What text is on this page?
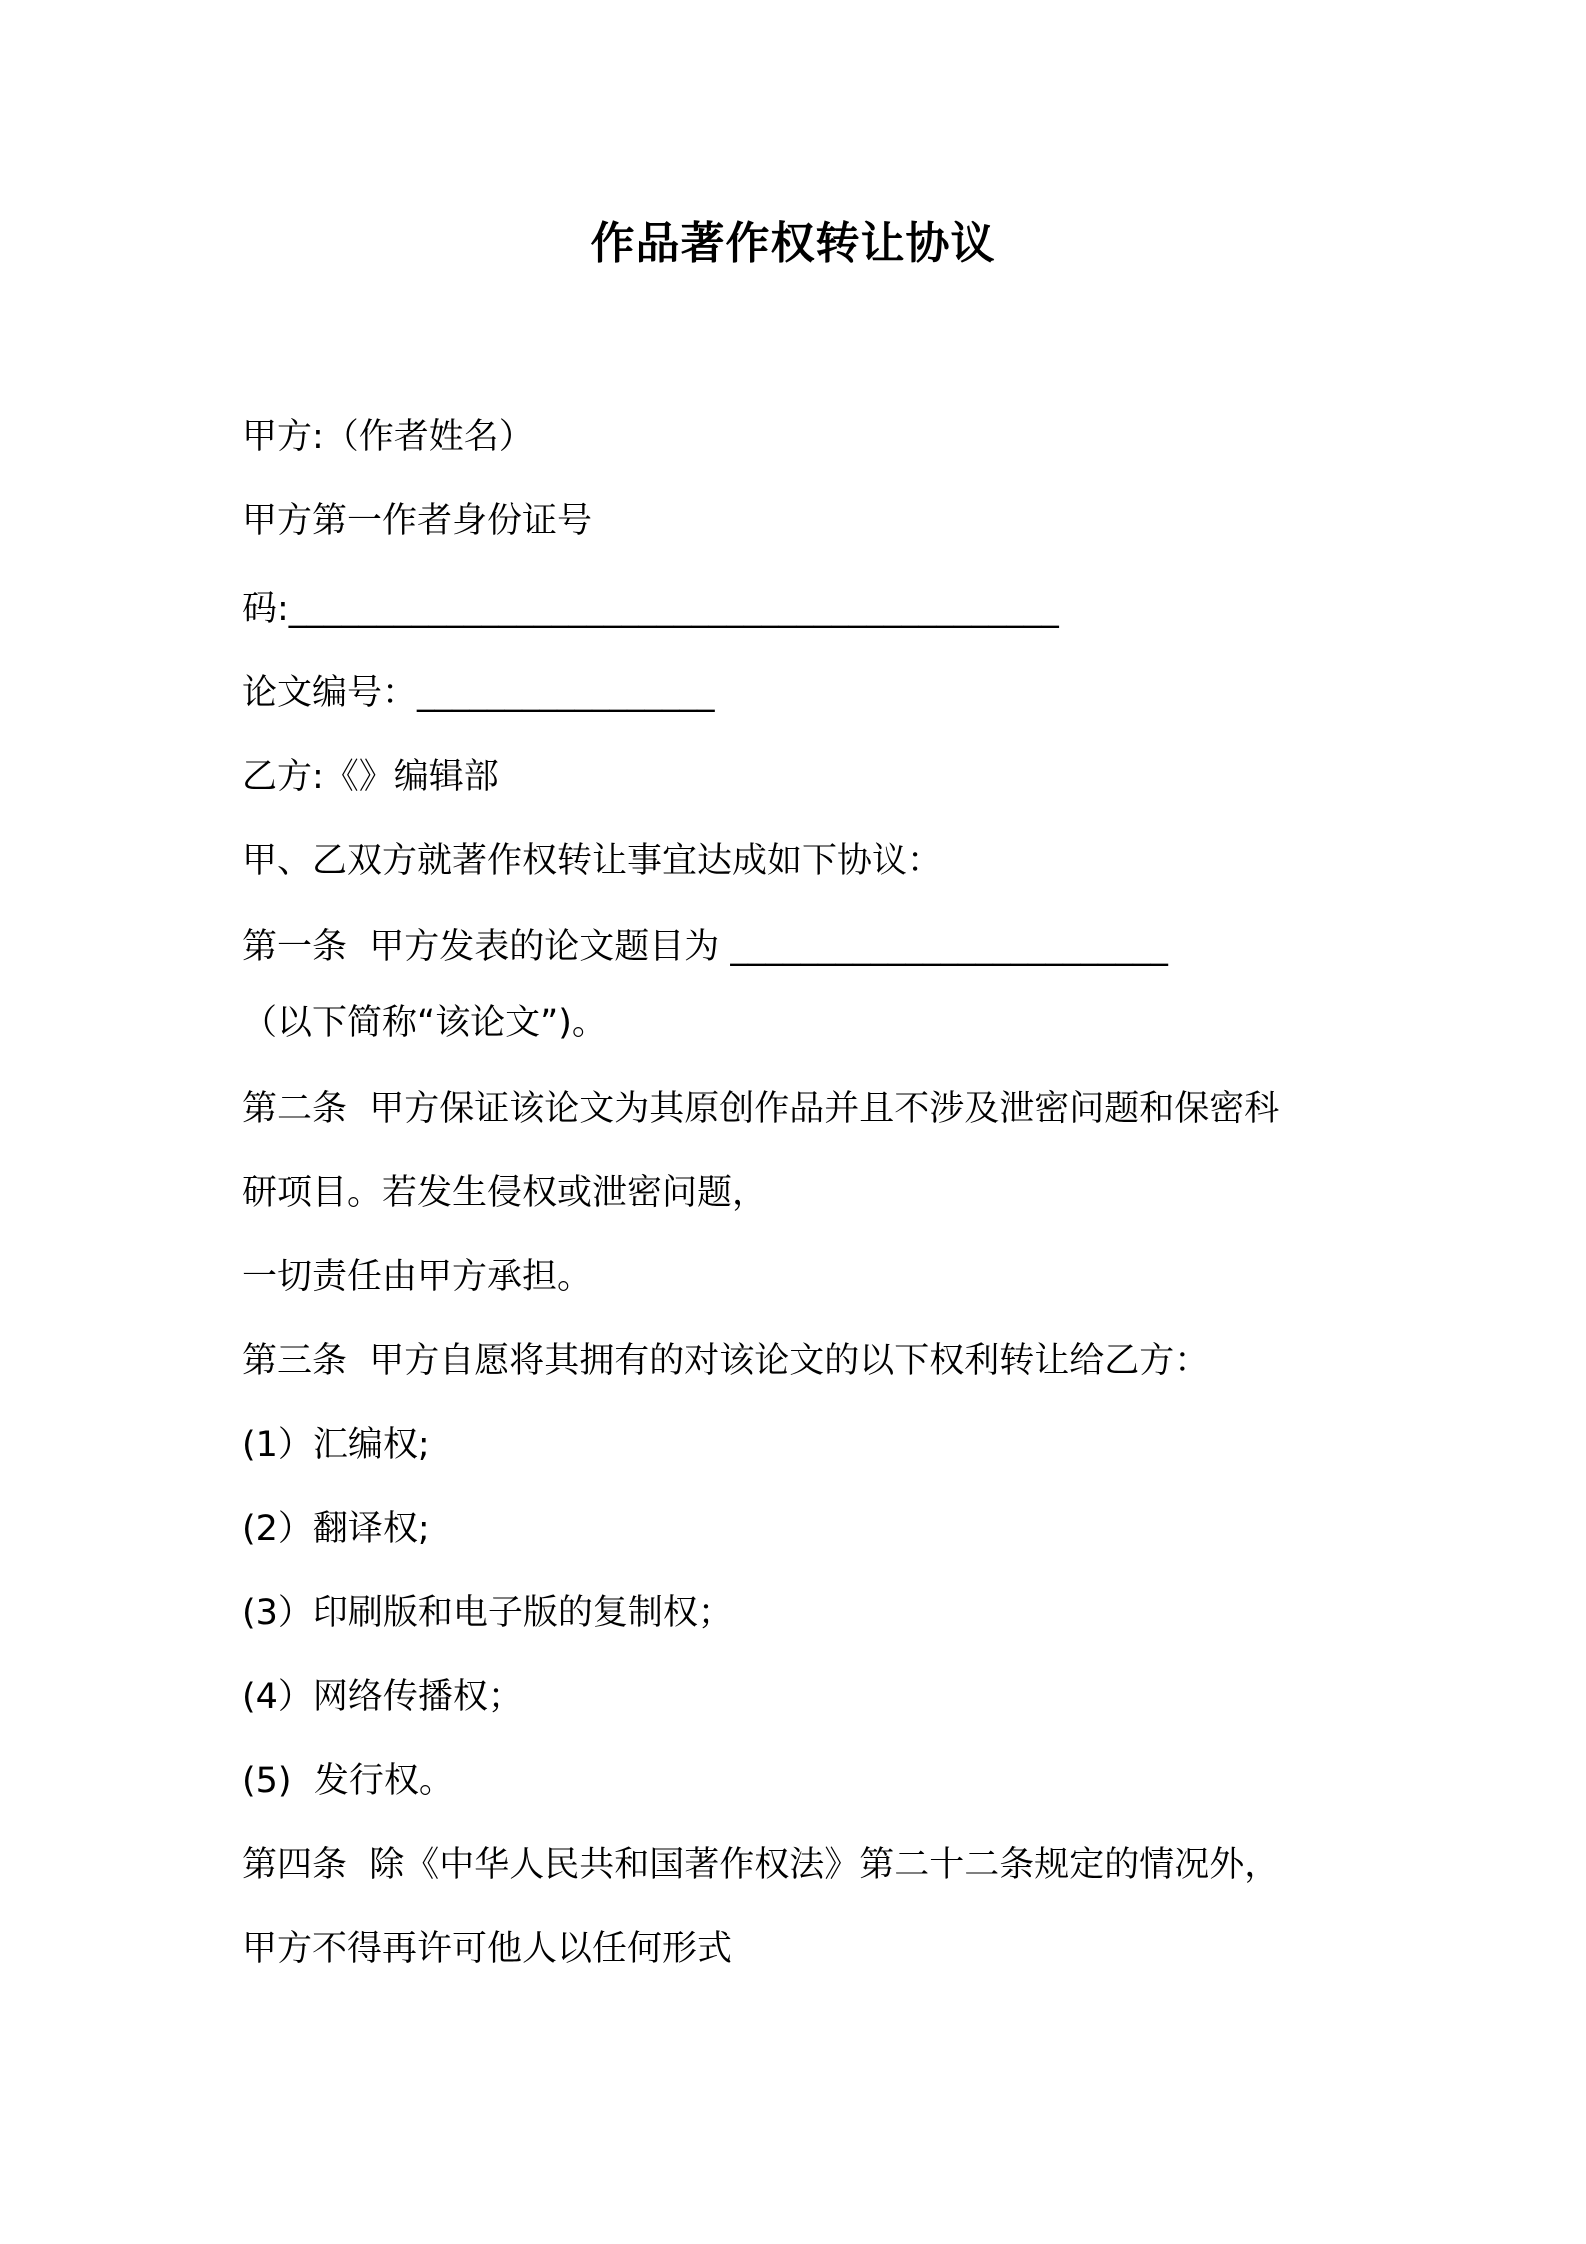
作品著作权转让协议
甲方:（作者姓名）
甲方第一作者身份证号
码:____________________________________________
论文编号：_________________
乙方:《》编辑部
甲、乙双方就著作权转让事宜达成如下协议：
第一条  甲方发表的论文题目为 _________________________
（以下简称“该论文”)。
第二条  甲方保证该论文为其原创作品并且不涉及泄密问题和保密科
研项目。若发生侵权或泄密问题，
一切责任由甲方承担。
第三条  甲方自愿将其拥有的对该论文的以下权利转让给乙方：
(1）汇编权;
(2）翻译权;
(3）印刷版和电子版的复制权；
(4）网络传播权；
(5)  发行权。
第四条  除《中华人民共和国著作权法》第二十二条规定的情况外，
甲方不得再许可他人以任何形式
